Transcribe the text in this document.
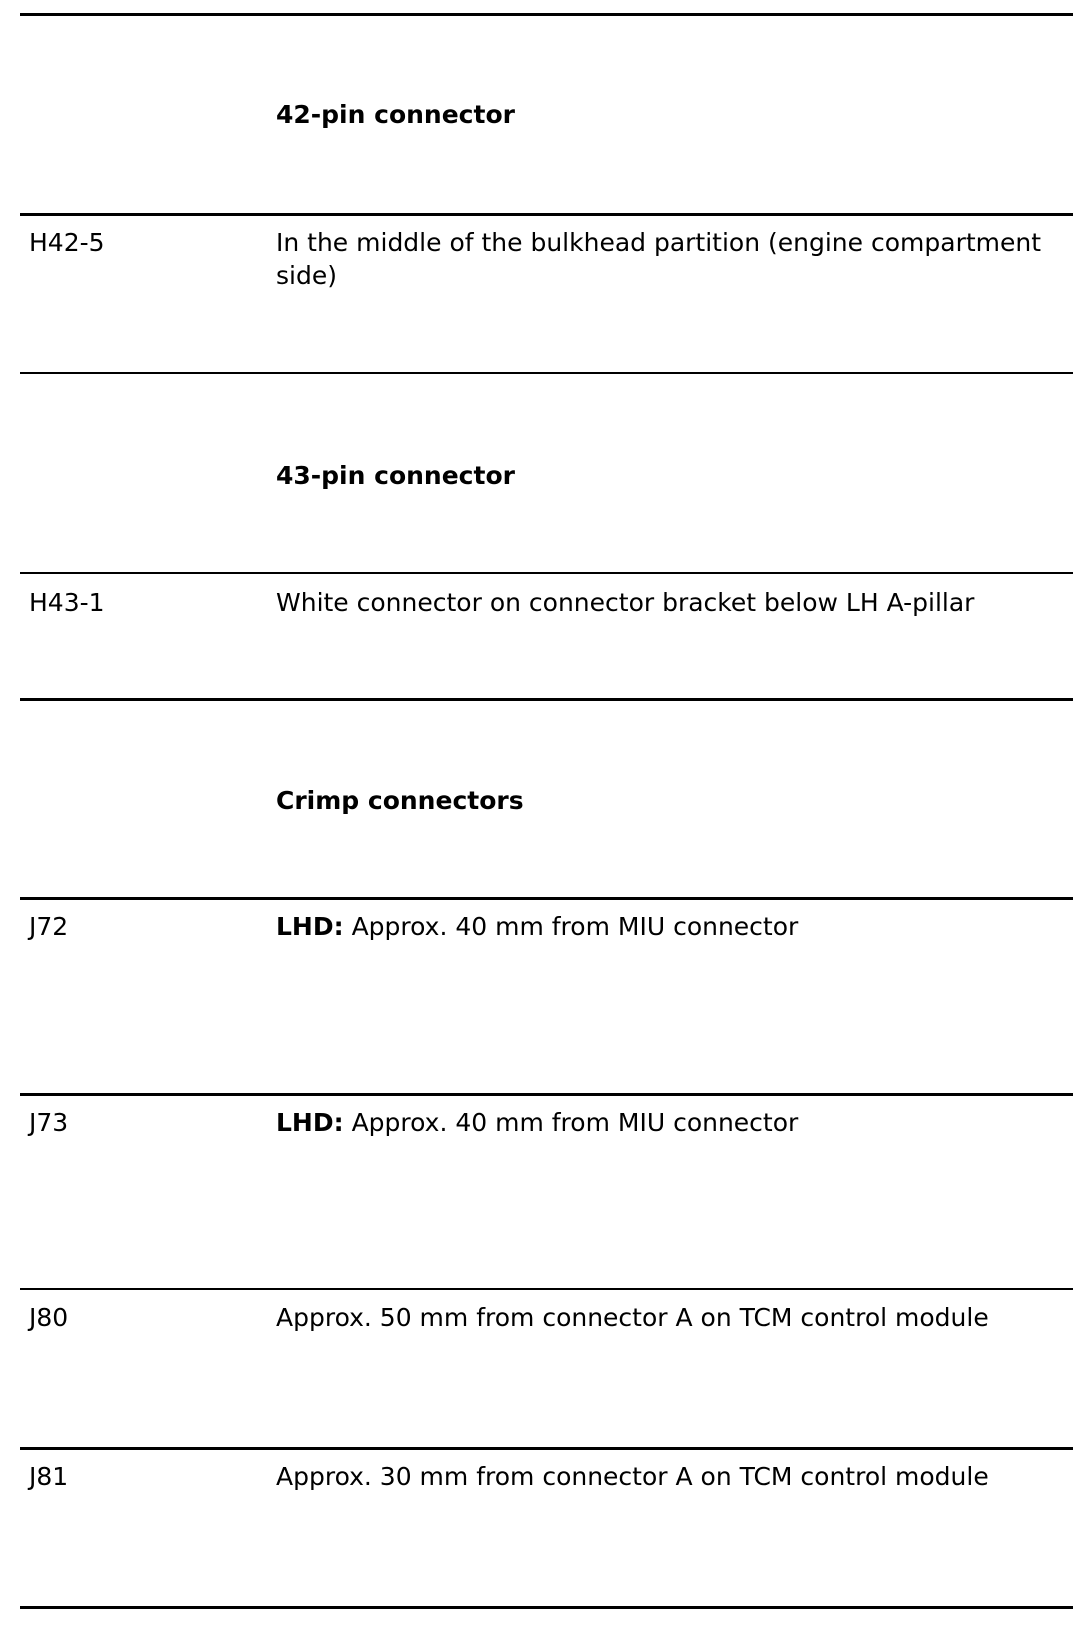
42-pin connector
H42-5	In the middle of the bulkhead partition (engine compartment side)
43-pin connector
H43-1	White connector on connector bracket below LH A-pillar
Crimp connectors
J72	LHD: Approx. 40 mm from MIU connector
J73	LHD: Approx. 40 mm from MIU connector
J80	Approx. 50 mm from connector A on TCM control module
J81	Approx. 30 mm from connector A on TCM control module
